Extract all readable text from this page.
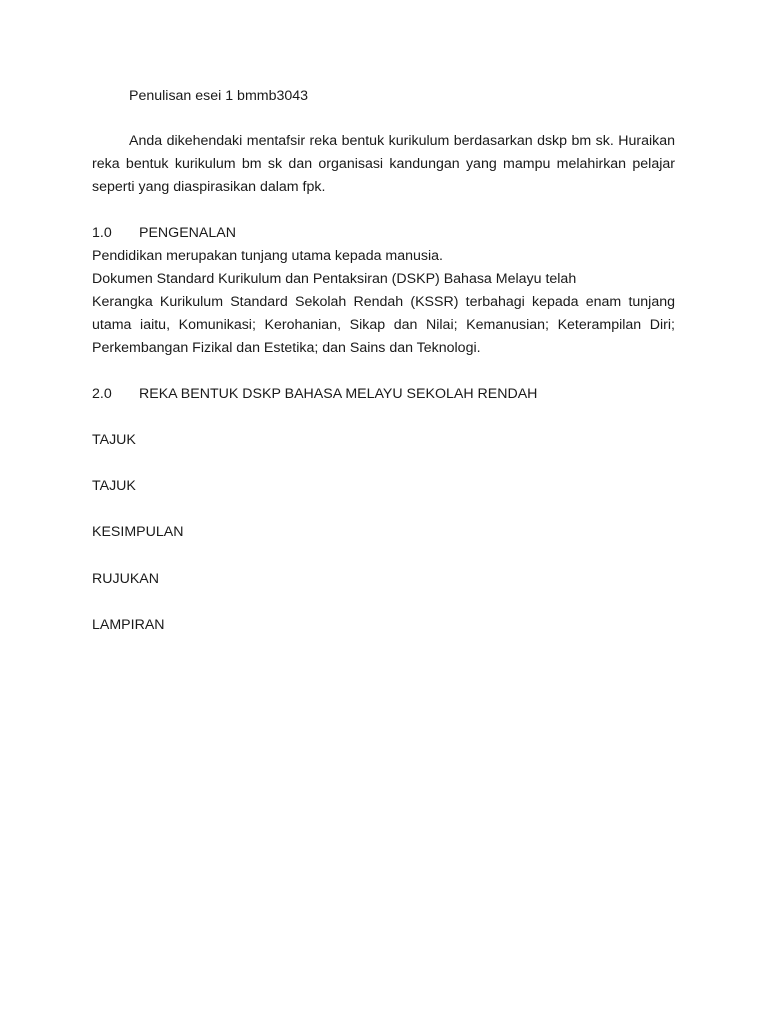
Penulisan esei 1 bmmb3043

Anda dikehendaki mentafsir reka bentuk kurikulum berdasarkan dskp bm sk. Huraikan reka bentuk kurikulum bm sk dan organisasi kandungan yang mampu melahirkan pelajar seperti yang diaspirasikan dalam fpk.

1.0	PENGENALAN

Pendidikan merupakan tunjang utama kepada manusia.

Dokumen Standard Kurikulum dan Pentaksiran (DSKP) Bahasa Melayu telah

Kerangka Kurikulum Standard Sekolah Rendah (KSSR) terbahagi kepada enam tunjang utama iaitu, Komunikasi; Kerohanian, Sikap dan Nilai; Kemanusian; Keterampilan Diri; Perkembangan Fizikal dan Estetika; dan Sains dan Teknologi.

2.0	REKA BENTUK DSKP BAHASA MELAYU SEKOLAH RENDAH

TAJUK

TAJUK

KESIMPULAN

RUJUKAN

LAMPIRAN
